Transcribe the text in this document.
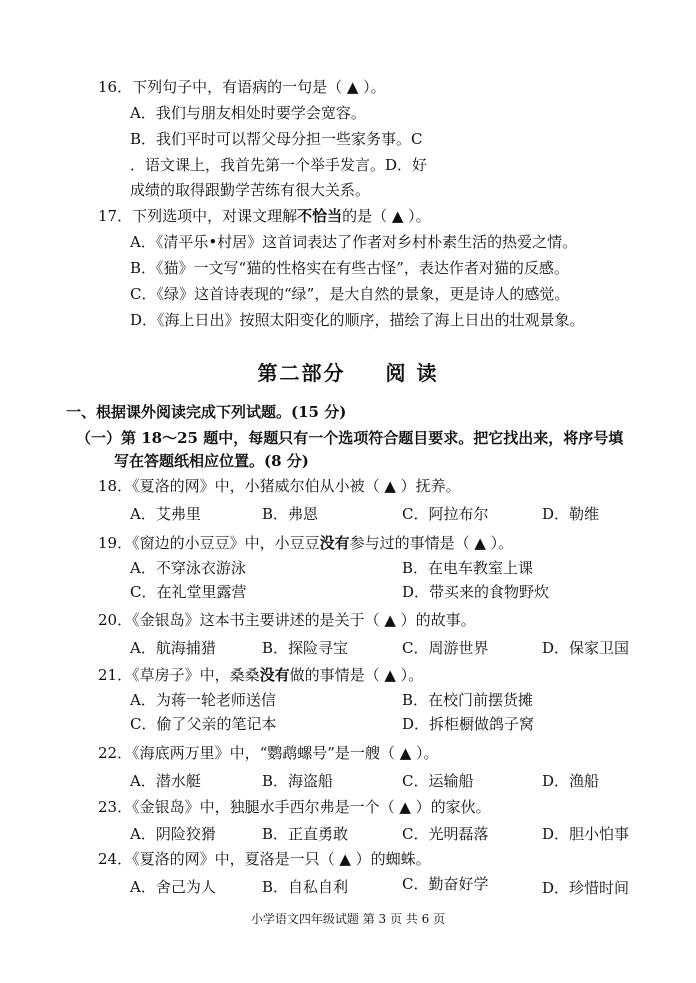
16．下列句子中，有语病的一句是（ ▲ ）。
A．我们与朋友相处时要学会宽容。
B．我们平时可以帮父母分担一些家务事。C
．语文课上，我首先第一个举手发言。D．好
成绩的取得跟勤学苦练有很大关系。
17．下列选项中，对课文理解不恰当的是（ ▲ ）。
A．《清平乐•村居》这首词表达了作者对乡村朴素生活的热爱之情。
B．《猫》一文写“猫的性格实在有些古怪”，表达作者对猫的反感。
C．《绿》这首诗表现的“绿”，是大自然的景象，更是诗人的感觉。
D．《海上日出》按照太阳变化的顺序，描绘了海上日出的壮观景象。
第二部分 阅 读
一、根据课外阅读完成下列试题。(15 分)
（一）第 18～25 题中，每题只有一个选项符合题目要求。把它找出来，将序号填
写在答题纸相应位置。(8 分)
18．《夏洛的网》中，小猪威尔伯从小被（ ▲ ）抚养。
A．艾弗里	B．弗恩	C．阿拉布尔	D．勒维
19．《窗边的小豆豆》中，小豆豆没有参与过的事情是（ ▲ ）。
A．不穿泳衣游泳	B．在电车教室上课
C．在礼堂里露营	D．带买来的食物野炊
20．《金银岛》这本书主要讲述的是关于（ ▲ ）的故事。
A．航海捕猎	B．探险寻宝	C．周游世界	D．保家卫国
21．《草房子》中，桑桑没有做的事情是（ ▲ ）。
A．为蒋一轮老师送信	B．在校门前摆货摊
C．偷了父亲的笔记本	D．拆柜橱做鸽子窝
22．《海底两万里》中，“鹦鹉螺号”是一艘（ ▲ ）。
A．潜水艇	B．海盗船	C．运输船	D．渔船
23．《金银岛》中，独腿水手西尔弗是一个（ ▲ ）的家伙。
A．阴险狡猾	B．正直勇敢	C．光明磊落	D．胆小怕事
24．《夏洛的网》中，夏洛是一只（ ▲ ）的蜘蛛。
A．舍己为人	B．自私自利	C．勤奋好学	D．珍惜时间
小学语文四年级试题 第 3 页 共 6 页
